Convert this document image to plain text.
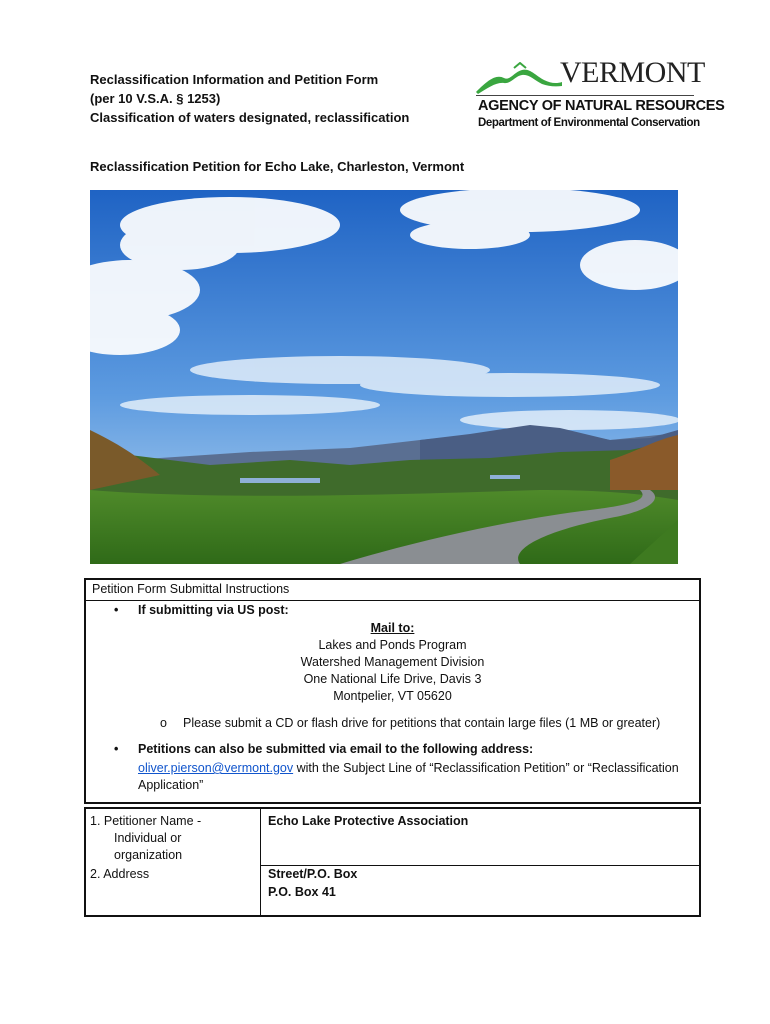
Reclassification Information and Petition Form
(per 10 V.S.A. § 1253)
Classification of waters designated, reclassification
VERMONT
AGENCY OF NATURAL RESOURCES
Department of Environmental Conservation
Reclassification Petition for Echo Lake, Charleston, Vermont
Petition Form Submittal Instructions
• If submitting via US post:
Mail to:
Lakes and Ponds Program
Watershed Management Division
One National Life Drive, Davis 3
Montpelier, VT 05620
o Please submit a CD or flash drive for petitions that contain large files (1 MB or greater)
• Petitions can also be submitted via email to the following address:
oliver.pierson@vermont.gov with the Subject Line of “Reclassification Petition” or “Reclassification
Application”
1. Petitioner Name -
Individual or
organization
Echo Lake Protective Association
2. Address	Street/P.O. Box
P.O. Box 41
